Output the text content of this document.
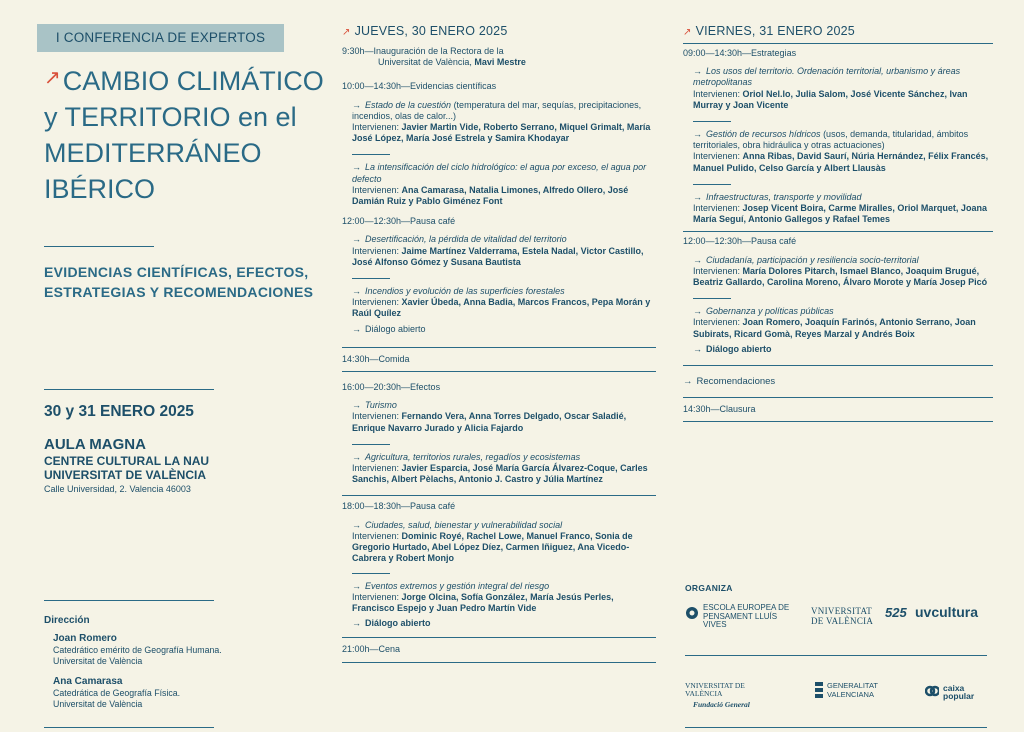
I CONFERENCIA DE EXPERTOS
↗CAMBIO CLIMÁTICO y TERRITORIO en el MEDITERRÁNEO IBÉRICO
EVIDENCIAS CIENTÍFICAS, EFECTOS, ESTRATEGIAS Y RECOMENDACIONES
30 y 31 ENERO 2025
AULA MAGNA
CENTRE CULTURAL LA NAU
UNIVERSITAT DE VALÈNCIA
Calle Universidad, 2. Valencia 46003
Dirección
Joan Romero
Catedrático emérito de Geografía Humana.
Universitat de València
Ana Camarasa
Catedrática de Geografía Física.
Universitat de València
↗ JUEVES, 30 ENERO 2025
9:30h—Inauguración de la Rectora de la
Universitat de València, Mavi Mestre
10:00—14:30h—Evidencias científicas
→ Estado de la cuestión (temperatura del mar, sequías, precipitaciones, incendios, olas de calor...)
Intervienen: Javier Martin Vide, Roberto Serrano, Miquel Grimalt, María José López, María José Estrela y Samira Khodayar
→ La intensificación del ciclo hidrológico: el agua por exceso, el agua por defecto
Intervienen: Ana Camarasa, Natalia Limones, Alfredo Ollero, José Damián Ruiz y Pablo Giménez Font
12:00—12:30h—Pausa café
→ Desertificación, la pérdida de vitalidad del territorio
Intervienen: Jaime Martínez Valderrama, Estela Nadal, Victor Castillo, José Alfonso Gómez y Susana Bautista
→ Incendios y evolución de las superficies forestales
Intervienen: Xavier Úbeda, Anna Badia, Marcos Francos, Pepa Morán y Raúl Quílez
→ Diálogo abierto
14:30h—Comida
16:00—20:30h—Efectos
→ Turismo
Intervienen: Fernando Vera, Anna Torres Delgado, Oscar Saladié, Enrique Navarro Jurado y Alicia Fajardo
→ Agricultura, territorios rurales, regadíos y ecosistemas
Intervienen: Javier Esparcia, José María García Álvarez-Coque, Carles Sanchis, Albert Pèlachs, Antonio J. Castro y Júlia Martínez
18:00—18:30h—Pausa café
→ Ciudades, salud, bienestar y vulnerabilidad social
Intervienen: Dominic Royé, Rachel Lowe, Manuel Franco, Sonia de Gregorio Hurtado, Abel López Díez, Carmen Iñiguez, Ana Vicedo-Cabrera y Robert Monjo
→ Eventos extremos y gestión integral del riesgo
Intervienen: Jorge Olcina, Sofía González, María Jesús Perles, Francisco Espejo y Juan Pedro Martín Vide
→ Diálogo abierto
21:00h—Cena
↗ VIERNES, 31 ENERO 2025
09:00—14:30h—Estrategias
→ Los usos del territorio. Ordenación territorial, urbanismo y áreas metropolitanas
Intervienen: Oriol Nel.lo, Julia Salom, José Vicente Sánchez, Ivan Murray y Joan Vicente
→ Gestión de recursos hídricos (usos, demanda, titularidad, ámbitos territoriales, obra hidráulica y otras actuaciones)
Intervienen: Anna Ribas, David Saurí, Núria Hernández, Félix Francés, Manuel Pulido, Celso García y Albert Llausàs
→ Infraestructuras, transporte y movilidad
Intervienen: Josep Vicent Boira, Carme Miralles, Oriol Marquet, Joana María Seguí, Antonio Gallegos y Rafael Temes
12:00—12:30h—Pausa café
→ Ciudadanía, participación y resiliencia socio-territorial
Intervienen: María Dolores Pitarch, Ismael Blanco, Joaquim Brugué, Beatriz Gallardo, Carolina Moreno, Álvaro Morote y María Josep Picó
→ Gobernanza y políticas públicas
Intervienen: Joan Romero, Joaquín Farinós, Antonio Serrano, Joan Subirats, Ricard Gomà, Reyes Marzal y Andrés Boix
→ Diálogo abierto
→ Recomendaciones
14:30h—Clausura
ORGANIZA
ESCOLA EUROPEA DE PENSAMENT LLUÍS VIVES
VNIVERSITAT DE VALÈNCIA
525 uvcultura
VNIVERSITAT DE VALÈNCIA
Fundació General
GENERALITAT VALENCIANA
caixa popular
